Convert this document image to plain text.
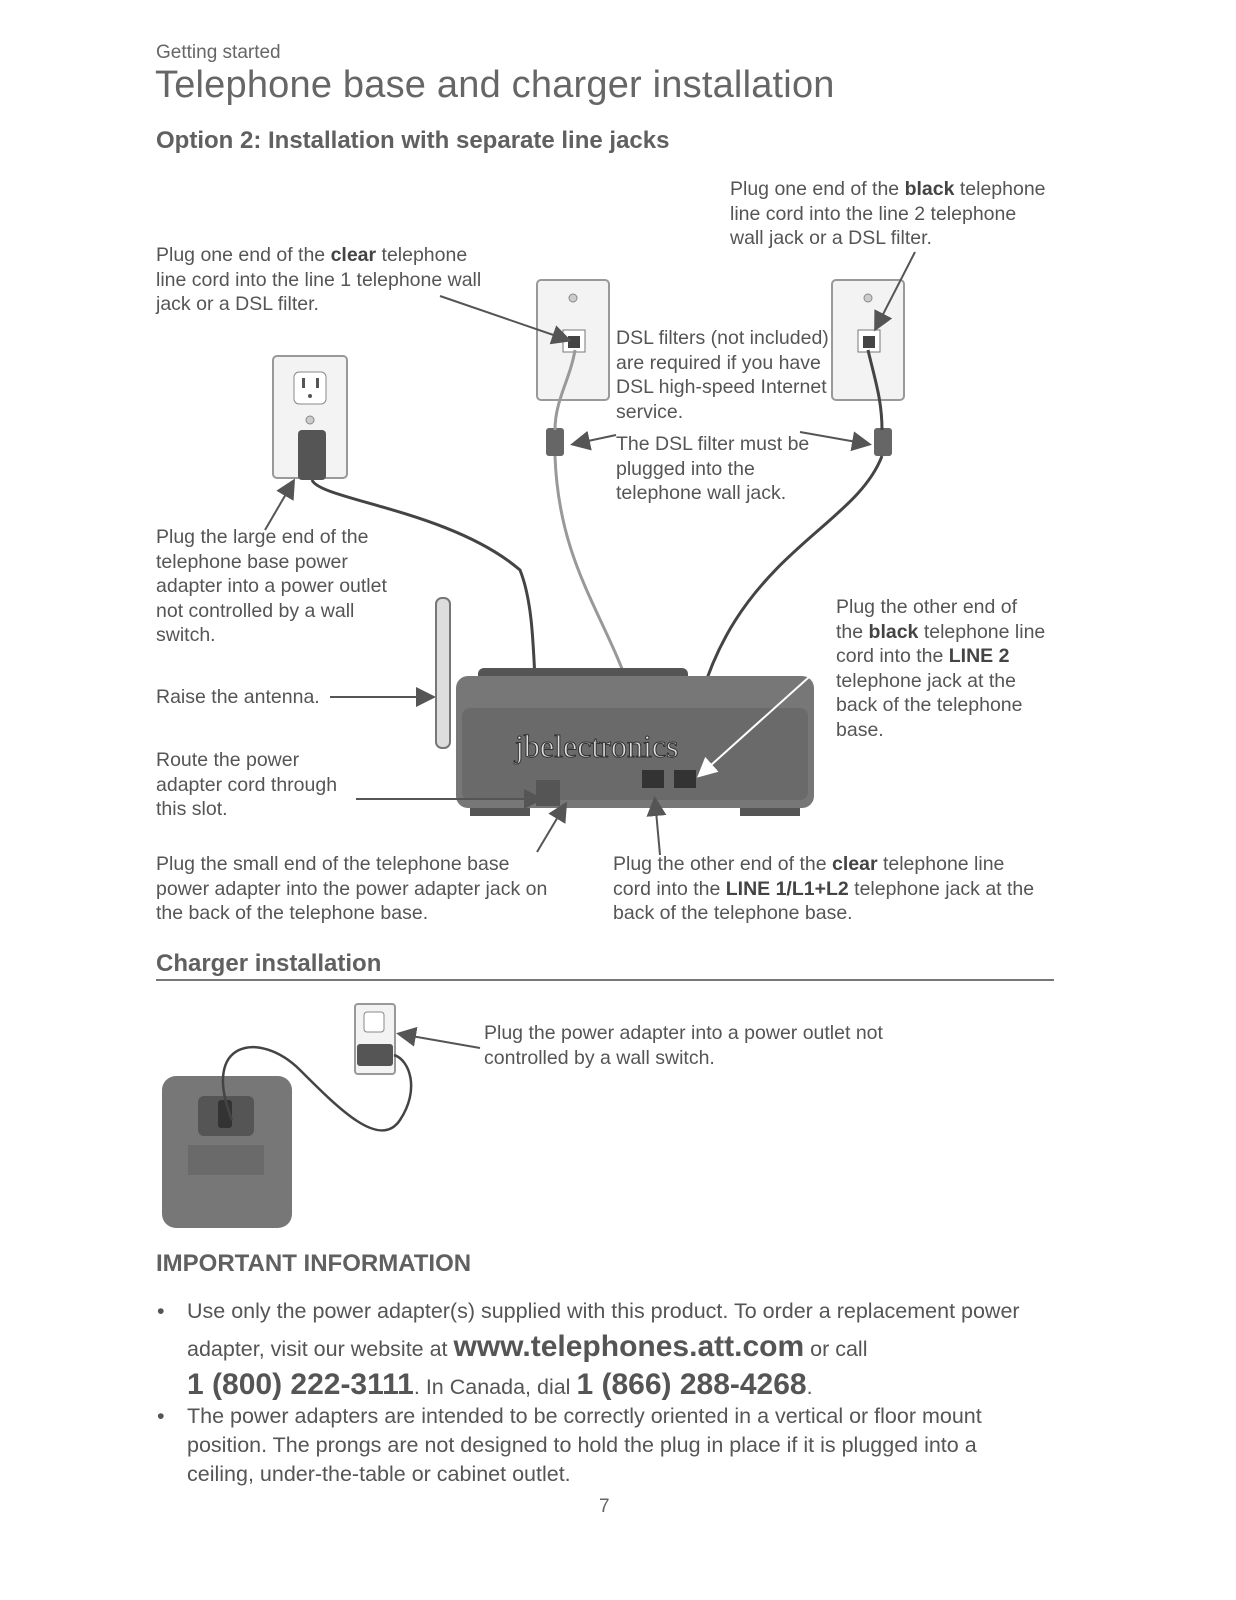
Getting started
Telephone base and charger installation
Option 2: Installation with separate line jacks
jbelectronics
Plug one end of the clear telephone line cord into the line 1 telephone wall jack or a DSL filter.
Plug one end of the black telephone line cord into the line 2 telephone wall jack or a DSL filter.
DSL filters (not included) are required if you have DSL high-speed Internet service.
The DSL filter must be plugged into the telephone wall jack.
Plug the large end of the telephone base power adapter into a power outlet not controlled by a wall switch.
Raise the antenna.
Route the power adapter cord through this slot.
Plug the other end of the black telephone line cord into the LINE 2 telephone jack at the back of the telephone base.
Plug the small end of the telephone base power adapter into the power adapter jack on the back of the telephone base.
Plug the other end of the clear telephone line cord into the LINE 1/L1+L2 telephone jack at the back of the telephone base.
Charger installation
Plug the power adapter into a power outlet not controlled by a wall switch.
IMPORTANT INFORMATION
• Use only the power adapter(s) supplied with this product. To order a replacement power adapter, visit our website at www.telephones.att.com or call
1 (800) 222-3111. In Canada, dial 1 (866) 288-4268.
• The power adapters are intended to be correctly oriented in a vertical or floor mount position. The prongs are not designed to hold the plug in place if it is plugged into a ceiling, under-the-table or cabinet outlet.
7
